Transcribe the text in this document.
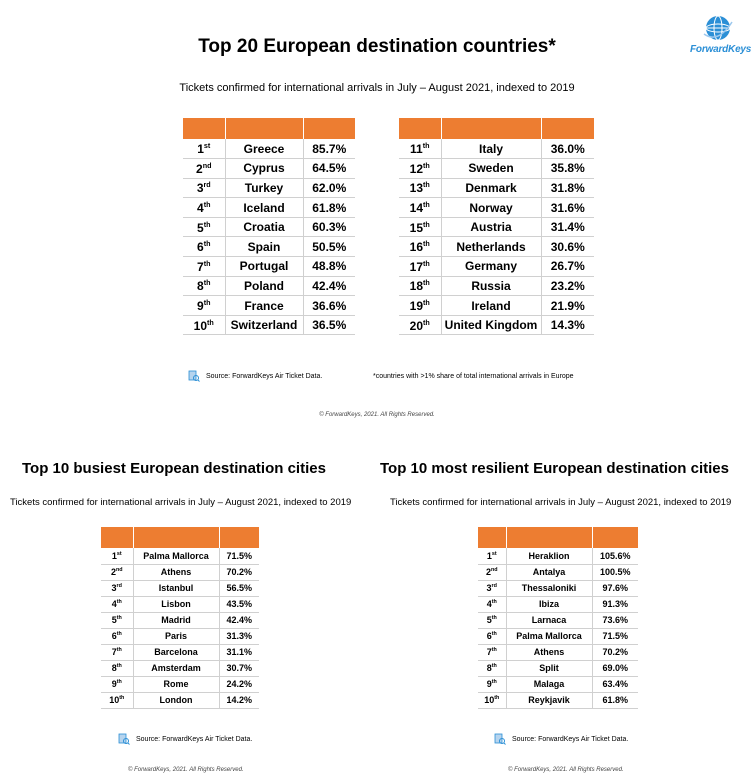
ForwardKeys
Top 20 European destination countries*
Tickets confirmed for international arrivals in July – August 2021, indexed to 2019

1st	Greece	85.7%
2nd	Cyprus	64.5%
3rd	Turkey	62.0%
4th	Iceland	61.8%
5th	Croatia	60.3%
6th	Spain	50.5%
7th	Portugal	48.8%
8th	Poland	42.4%
9th	France	36.6%
10th	Switzerland	36.5%

11th	Italy	36.0%
12th	Sweden	35.8%
13th	Denmark	31.8%
14th	Norway	31.6%
15th	Austria	31.4%
16th	Netherlands	30.6%
17th	Germany	26.7%
18th	Russia	23.2%
19th	Ireland	21.9%
20th	United Kingdom	14.3%
Source: ForwardKeys Air Ticket Data.	*countries with >1% share of total international arrivals in Europe
© ForwardKeys, 2021. All Rights Reserved.
Top 10 busiest European destination cities
Tickets confirmed for international arrivals in July – August 2021, indexed to 2019

1st	Palma Mallorca	71.5%
2nd	Athens	70.2%
3rd	Istanbul	56.5%
4th	Lisbon	43.5%
5th	Madrid	42.4%
6th	Paris	31.3%
7th	Barcelona	31.1%
8th	Amsterdam	30.7%
9th	Rome	24.2%
10th	London	14.2%
Source: ForwardKeys Air Ticket Data.
© ForwardKeys, 2021. All Rights Reserved.
Top 10 most resilient European destination cities
Tickets confirmed for international arrivals in July – August 2021, indexed to 2019

1st	Heraklion	105.6%
2nd	Antalya	100.5%
3rd	Thessaloniki	97.6%
4th	Ibiza	91.3%
5th	Larnaca	73.6%
6th	Palma Mallorca	71.5%
7th	Athens	70.2%
8th	Split	69.0%
9th	Malaga	63.4%
10th	Reykjavik	61.8%
Source: ForwardKeys Air Ticket Data.
© ForwardKeys, 2021. All Rights Reserved.
